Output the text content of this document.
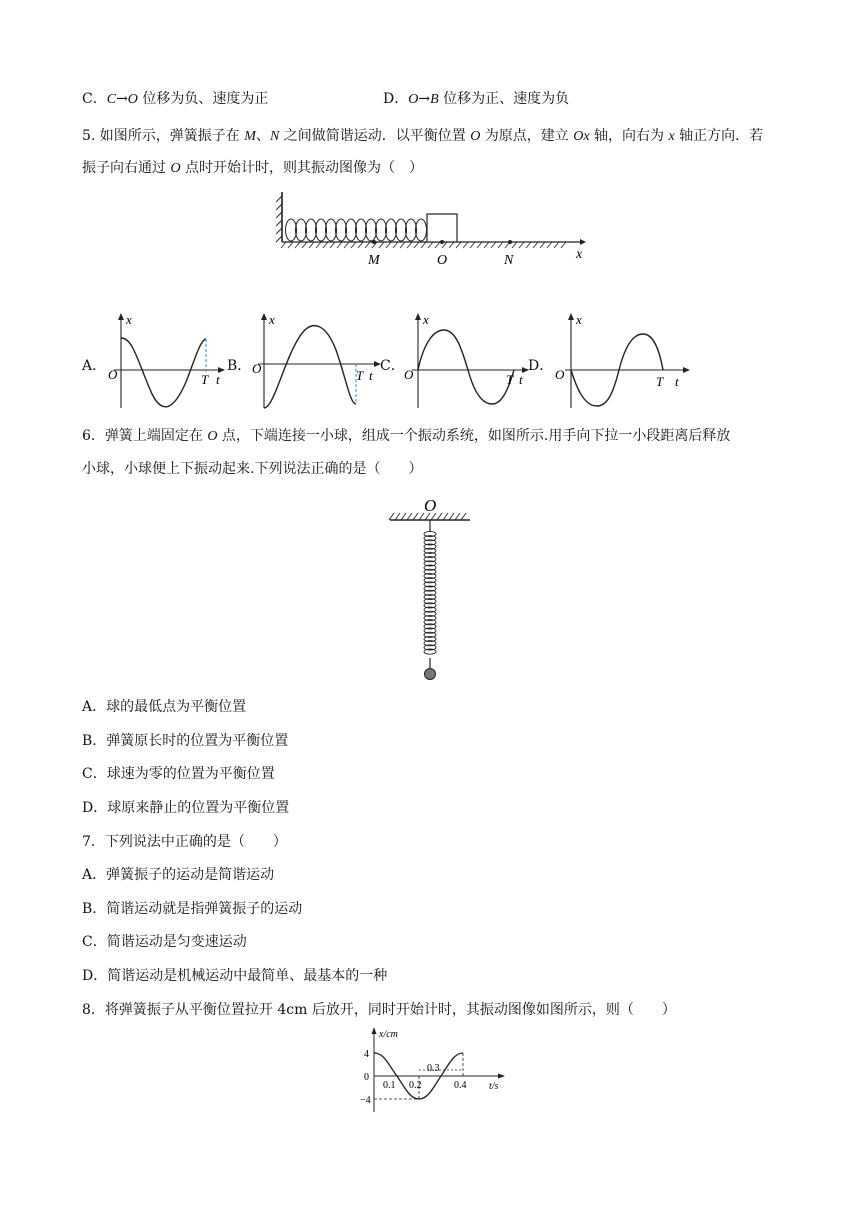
C．C→O 位移为负、速度为正	D．O→B 位移为正、速度为负
5. 如图所示，弹簧振子在 M、N 之间做简谐运动．以平衡位置 O 为原点，建立 Ox 轴，向右为 x 轴正方向．若
振子向右通过 O 点时开始计时，则其振动图像为（　）
M	O	N	x
A．
x
O	T t
B．
x
O	T t
C．
x
O	T t
D．
x
O	T t
6．弹簧上端固定在 O 点，下端连接一小球，组成一个振动系统，如图所示.用手向下拉一小段距离后释放
小球，小球便上下振动起来.下列说法正确的是（　　）
O
A．球的最低点为平衡位置
B．弹簧原长时的位置为平衡位置
C．球速为零的位置为平衡位置
D．球原来静止的位置为平衡位置
7．下列说法中正确的是（　　）
A．弹簧振子的运动是简谐运动
B．简谐运动就是指弹簧振子的运动
C．简谐运动是匀变速运动
D．简谐运动是机械运动中最简单、最基本的一种
8．将弹簧振子从平衡位置拉开 4cm 后放开，同时开始计时，其振动图像如图所示，则（　　）
x/cm
t/s
4
0
−4
0.1 0.2
0.3
0.4
